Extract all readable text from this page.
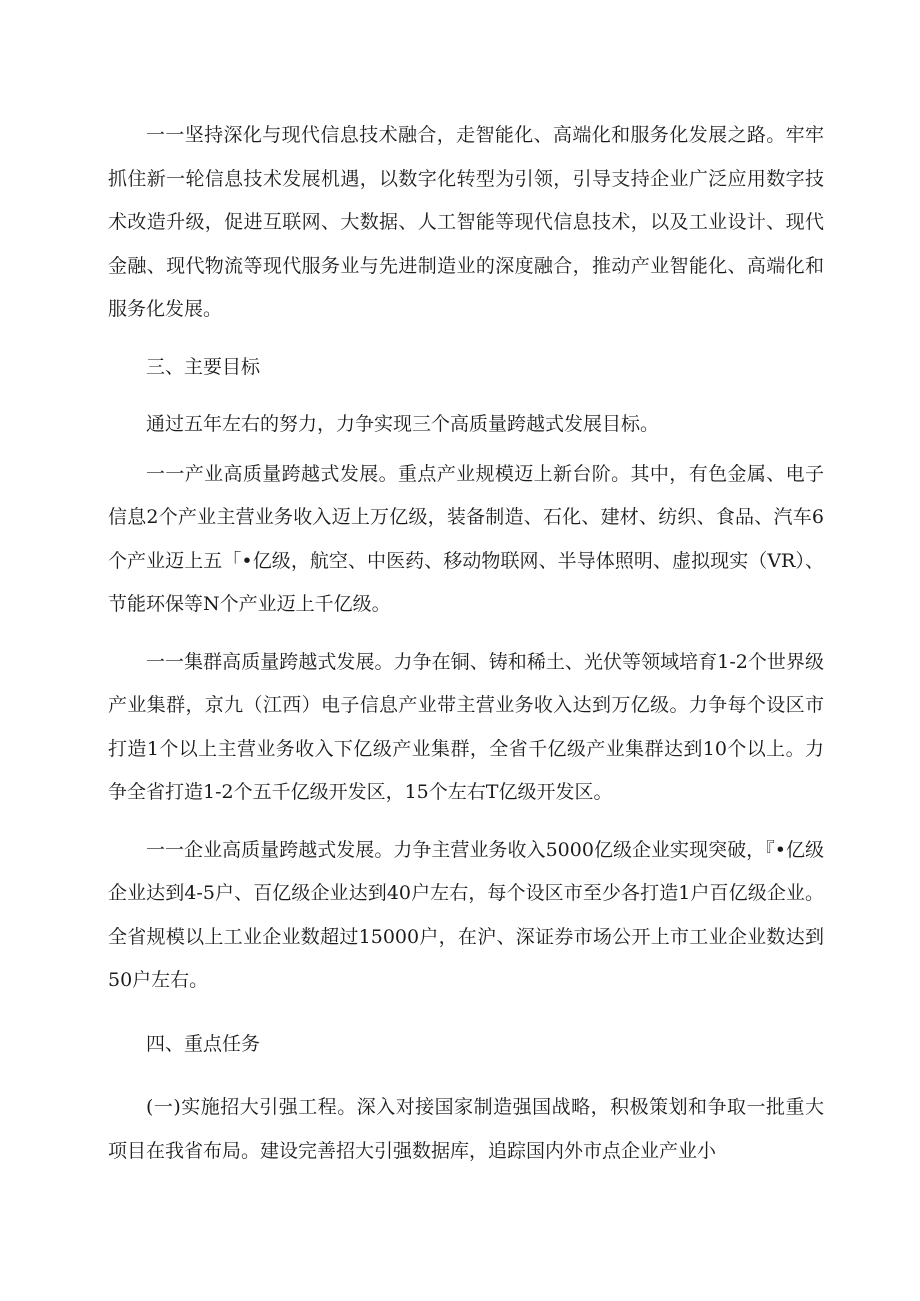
一一坚持深化与现代信息技术融合，走智能化、高端化和服务化发展之路。牢牢抓住新一轮信息技术发展机遇，以数字化转型为引领，引导支持企业广泛应用数字技术改造升级，促进互联网、大数据、人工智能等现代信息技术，以及工业设计、现代金融、现代物流等现代服务业与先进制造业的深度融合，推动产业智能化、高端化和服务化发展。

三、主要目标

通过五年左右的努力，力争实现三个高质量跨越式发展目标。

一一产业高质量跨越式发展。重点产业规模迈上新台阶。其中，有色金属、电子信息2个产业主营业务收入迈上万亿级，装备制造、石化、建材、纺织、食品、汽车6个产业迈上五「•亿级，航空、中医药、移动物联网、半导体照明、虚拟现实（VR）、节能环保等N个产业迈上千亿级。

一一集群高质量跨越式发展。力争在铜、铸和稀土、光伏等领域培育1-2个世界级产业集群，京九（江西）电子信息产业带主营业务收入达到万亿级。力争每个设区市打造1个以上主营业务收入下亿级产业集群，全省千亿级产业集群达到10个以上。力争全省打造1-2个五千亿级开发区，15个左右T亿级开发区。

一一企业高质量跨越式发展。力争主营业务收入5000亿级企业实现突破，『•亿级企业达到4-5户、百亿级企业达到40户左右，每个设区市至少各打造1户百亿级企业。全省规模以上工业企业数超过15000户，在沪、深证券市场公开上市工业企业数达到50户左右。

四、重点任务

(一)实施招大引强工程。深入对接国家制造强国战略，积极策划和争取一批重大项目在我省布局。建设完善招大引强数据库，追踪国内外市点企业产业小
